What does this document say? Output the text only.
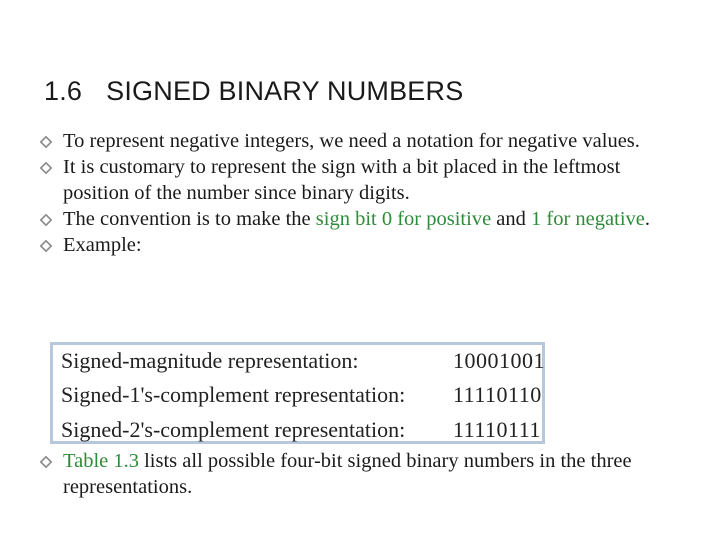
1.6 SIGNED BINARY NUMBERS
To represent negative integers, we need a notation for negative values.
It is customary to represent the sign with a bit placed in the leftmost position of the number since binary digits.
The convention is to make the sign bit 0 for positive and 1 for negative.
Example:
Signed-magnitude representation:	10001001
Signed-1's-complement representation: 11110110
Signed-2's-complement representation: 11110111
Table 1.3 lists all possible four-bit signed binary numbers in the three representations.
